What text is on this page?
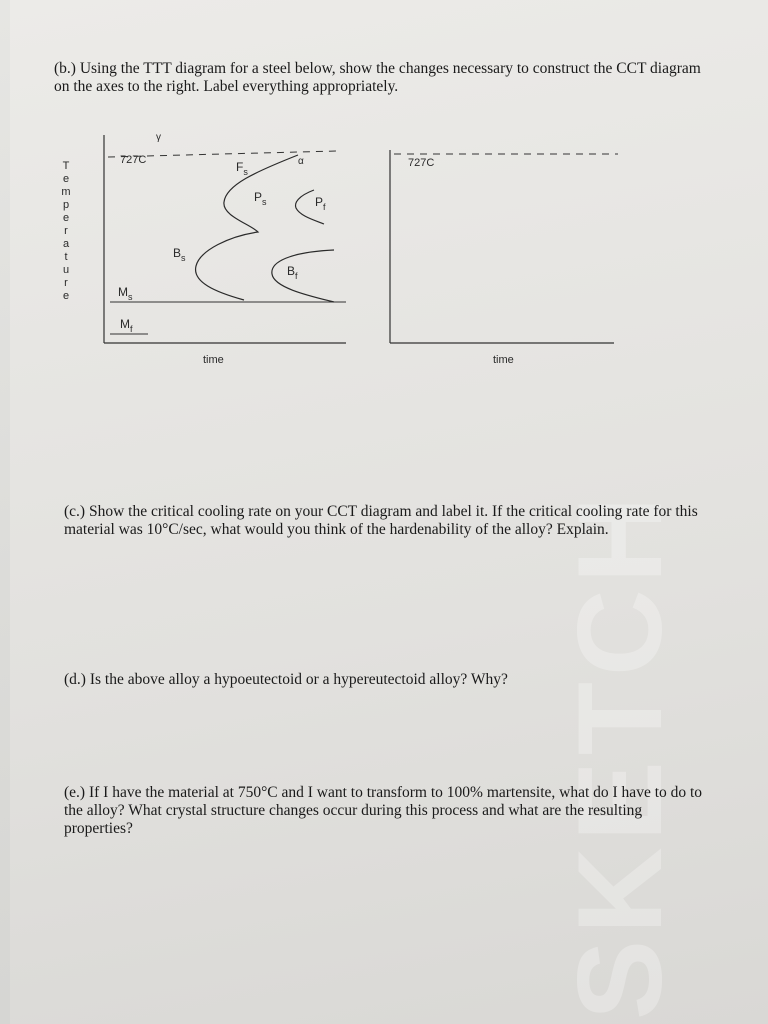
SKETCH

(b.) Using the TTT diagram for a steel below, show the changes necessary to construct the CCT diagram on the axes to the right. Label everything appropriately.

T
e
m
p
e
r
a
t
u
r
e
γ
727C	α
$F_s$
$P_s$	$P_f$
$B_s$
$B_f$
$M_s$
$M_f$
time
727C
time

(c.) Show the critical cooling rate on your CCT diagram and label it. If the critical cooling rate for this material was 10°C/sec, what would you think of the hardenability of the alloy? Explain.

(d.) Is the above alloy a hypoeutectoid or a hypereutectoid alloy? Why?

(e.) If I have the material at 750°C and I want to transform to 100% martensite, what do I have to do to the alloy? What crystal structure changes occur during this process and what are the resulting properties?
